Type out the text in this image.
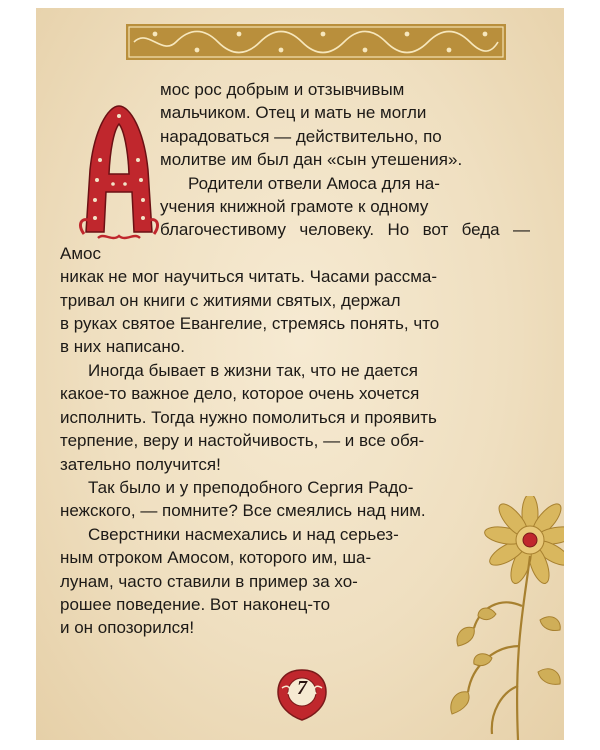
мос рос добрым и отзывчивым
мальчиком. Отец и мать не могли
нарадоваться — действительно, по
молитве им был дан «сын утешения».

Родители отвели Амоса для на-
учения книжной грамоте к одному
благочестивому человеку. Но вот беда — Амос
никак не мог научиться читать. Часами рассма-
тривал он книги с житиями святых, держал
в руках святое Евангелие, стремясь понять, что
в них написано.

Иногда бывает в жизни так, что не дается
какое-то важное дело, которое очень хочется
исполнить. Тогда нужно помолиться и проявить
терпение, веру и настойчивость, — и все обя-
зательно получится!

Так было и у преподобного Сергия Радо-
нежского, — помните? Все смеялись над ним.

Сверстники насмехались и над серьез-
ным отроком Амосом, которого им, ша-
лунам, часто ставили в пример за хо-
рошее поведение. Вот наконец-то
и он опозорился!

7
